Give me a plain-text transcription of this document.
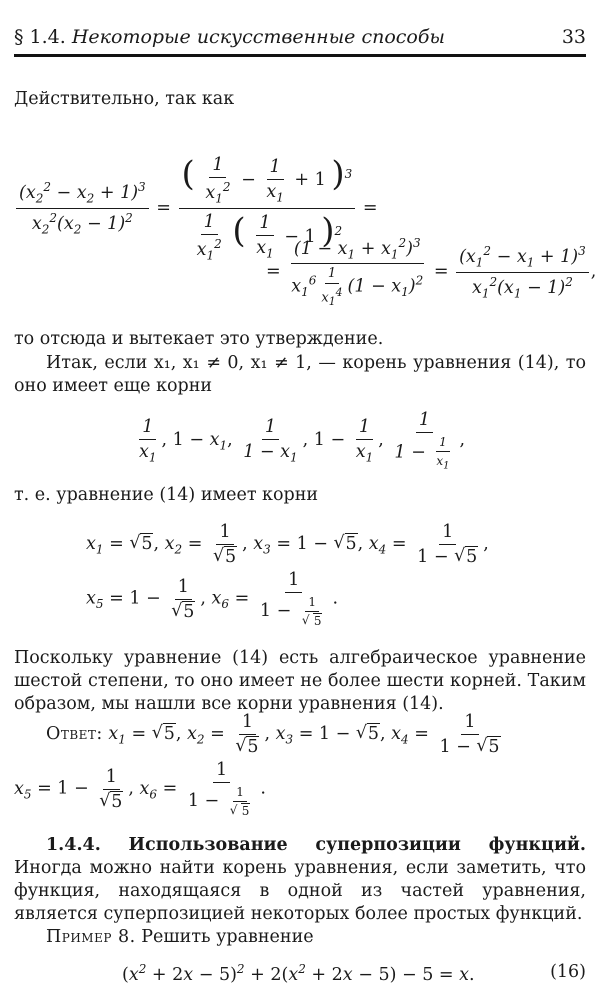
§ 1.4. Некоторые искусственные способы	33
Действительно, так как
$\frac{(x_2^2 - x_2 + 1)^3}{x_2^2(x_2 - 1)^2} = \frac{( \frac{1}{x_1^2} - \frac{1}{x_1} + 1 )^3}{\frac{1}{x_1^2} ( \frac{1}{x_1} - 1 )^2}$ =
= $\frac{(1 - x_1 + x_1^2)^3}{x_1^6 \frac{1}{x_1^4} (1 - x_1)^2} = \frac{(x_1^2 - x_1 + 1)^3}{x_1^2(x_1 - 1)^2}$ ,
то отсюда и вытекает это утверждение.
Итак, если x₁, x₁ ≠ 0, x₁ ≠ 1, — корень уравнения (14), то оно имеет еще корни
$\frac{1}{x_1}$ , $1 - x_1$, $\frac{1}{1 - x_1}$ , $1 - \frac{1}{x_1}$ , $\frac{1}{1 - \frac{1}{x_1}}$ ,
т. е. уравнение (14) имеет корни
$x_1$ = √ 5, $x_2 = 1$
√ 5 , $x_3 = 1$ − √ 5, $x_4 = \frac{1}{1 - √ 5}$ ,
$x_5 = 1 - 1$
√ 5 , $x_6 = 1$
1 − 1
√ 5 .
Поскольку уравнение (14) есть алгебраическое уравнение шестой степени, то оно имеет не более шести корней. Таким образом, мы нашли все корни уравнения (14).
Ответ: $x_1$ = √ 5, $x_2 = 1$
√ 5 , $x_3 = 1$ − √ 5, $x_4 = \frac{1}{1 - √ 5}$
$x_5 = 1 - 1$
√ 5 , $x_6 = 1$
1 − 1
√ 5 .
1.4.4. Использование суперпозиции функций. Иногда можно найти корень уравнения, если заметить, что функция, находящаяся в одной из частей уравнения, является суперпозицией некоторых более простых функций.
Пример 8. Решить уравнение
$(x^2 + 2x - 5)^2 + 2(x^2 + 2x - 5) - 5 = x$.	(16)
